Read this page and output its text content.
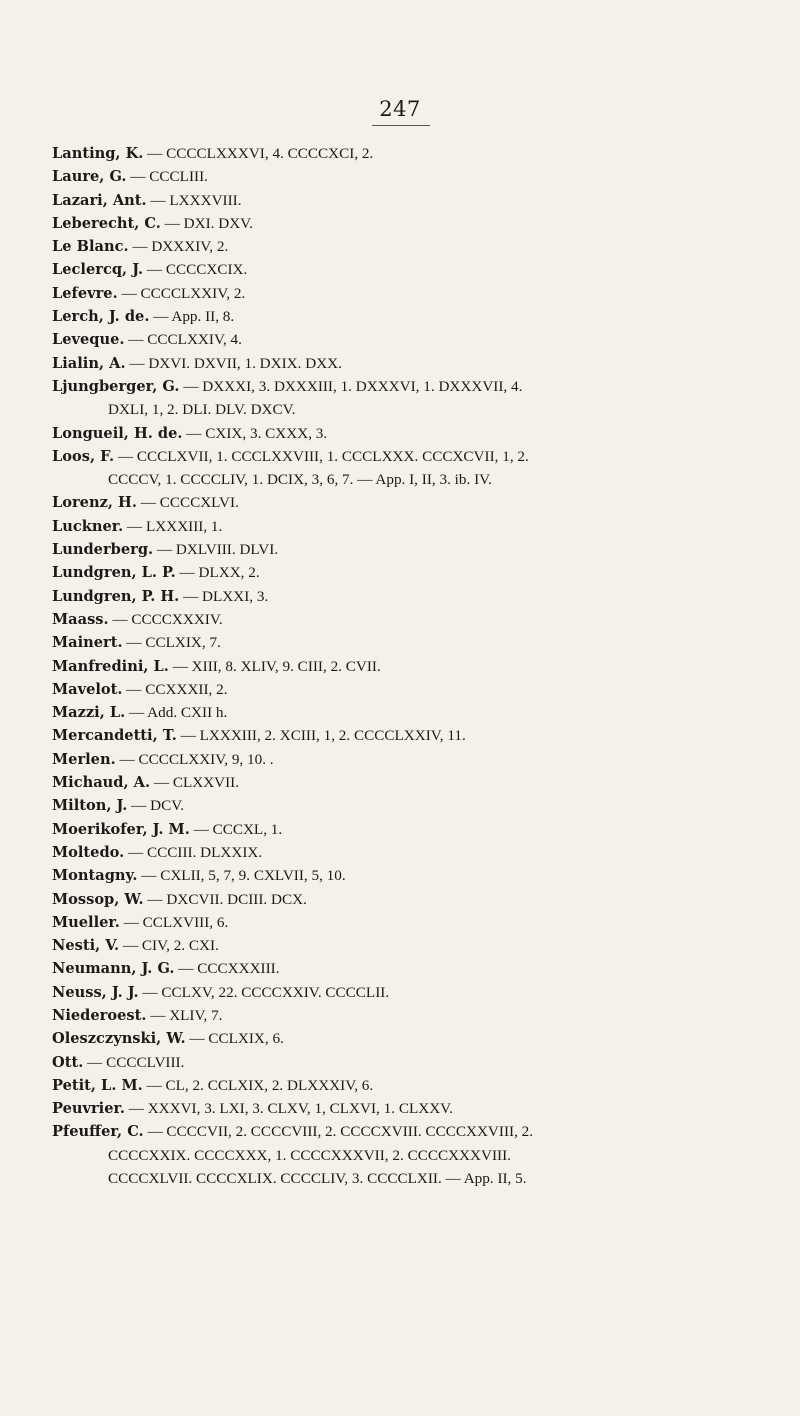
247
Lanting, K. — CCCCLXXXVI, 4. CCCCXCI, 2.
Laure, G. — CCCLIII.
Lazari, Ant. — LXXXVIII.
Leberecht, C. — DXI. DXV.
Le Blanc. — DXXXIV, 2.
Leclercq, J. — CCCCXCIX.
Lefevre. — CCCCLXXIV, 2.
Lerch, J. de. — App. II, 8.
Leveque. — CCCLXXIV, 4.
Lialin, A. — DXVI. DXVII, 1. DXIX. DXX.
Ljungberger, G. — DXXXI, 3. DXXXIII, 1. DXXXVI, 1. DXXXVII, 4.
DXLI, 1, 2. DLI. DLV. DXCV.
Longueil, H. de. — CXIX, 3. CXXX, 3.
Loos, F. — CCCLXVII, 1. CCCLXXVIII, 1. CCCLXXX. CCCXCVII, 1, 2.
CCCCV, 1. CCCCLIV, 1. DCIX, 3, 6, 7. — App. I, II, 3. ib. IV.
Lorenz, H. — CCCCXLVI.
Luckner. — LXXXIII, 1.
Lunderberg. — DXLVIII. DLVI.
Lundgren, L. P. — DLXX, 2.
Lundgren, P. H. — DLXXI, 3.
Maass. — CCCCXXXIV.
Mainert. — CCLXIX, 7.
Manfredini, L. — XIII, 8. XLIV, 9. CIII, 2. CVII.
Mavelot. — CCXXXII, 2.
Mazzi, L. — Add. CXII h.
Mercandetti, T. — LXXXIII, 2. XCIII, 1, 2. CCCCLXXIV, 11.
Merlen. — CCCCLXXIV, 9, 10. .
Michaud, A. — CLXXVII.
Milton, J. — DCV.
Moerikofer, J. M. — CCCXL, 1.
Moltedo. — CCCIII. DLXXIX.
Montagny. — CXLII, 5, 7, 9. CXLVII, 5, 10.
Mossop, W. — DXCVII. DCIII. DCX.
Mueller. — CCLXVIII, 6.
Nesti, V. — CIV, 2. CXI.
Neumann, J. G. — CCCXXXIII.
Neuss, J. J. — CCLXV, 22. CCCCXXIV. CCCCLII.
Niederoest. — XLIV, 7.
Oleszczynski, W. — CCLXIX, 6.
Ott. — CCCCLVIII.
Petit, L. M. — CL, 2. CCLXIX, 2. DLXXXIV, 6.
Peuvrier. — XXXVI, 3. LXI, 3. CLXV, 1, CLXVI, 1. CLXXV.
Pfeuffer, C. — CCCCVII, 2. CCCCVIII, 2. CCCCXVIII. CCCCXXVIII, 2.
CCCCXXIX. CCCCXXX, 1. CCCCXXXVII, 2. CCCCXXXVIII.
CCCCXLVII. CCCCXLIX. CCCCLIV, 3. CCCCLXII. — App. II, 5.
